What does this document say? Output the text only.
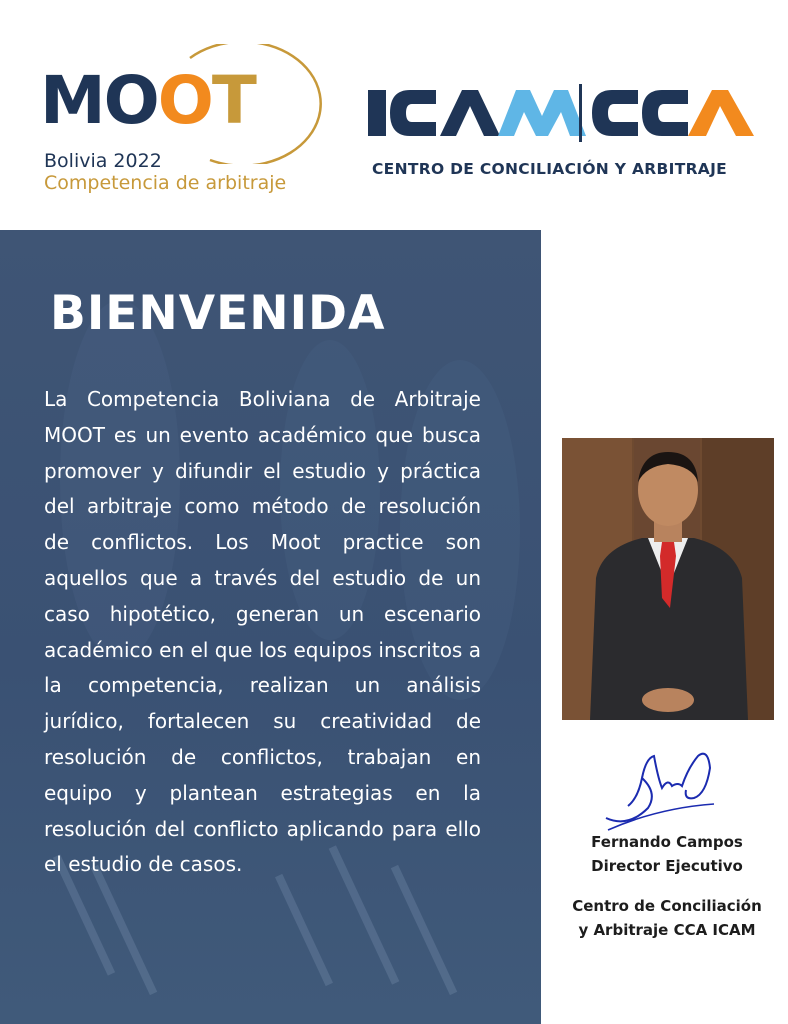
MOOT
Bolivia 2022
Competencia de arbitraje
CENTRO DE CONCILIACIÓN Y ARBITRAJE
BIENVENIDA
La Competencia Boliviana de Arbitraje MOOT es un evento académico que busca promover y difundir el estudio y práctica del arbitraje como método de resolución de conflictos. Los Moot practice son aquellos que a través del estudio de un caso hipotético, generan un escenario académico en el que los equipos inscritos a la competencia, realizan un análisis jurídico, fortalecen su creatividad de resolución de conflictos, trabajan en equipo y plantean estrategias en la resolución del conflicto aplicando para ello el estudio de casos.
Fernando Campos
Director Ejecutivo
Centro de Conciliación
y Arbitraje CCA ICAM
